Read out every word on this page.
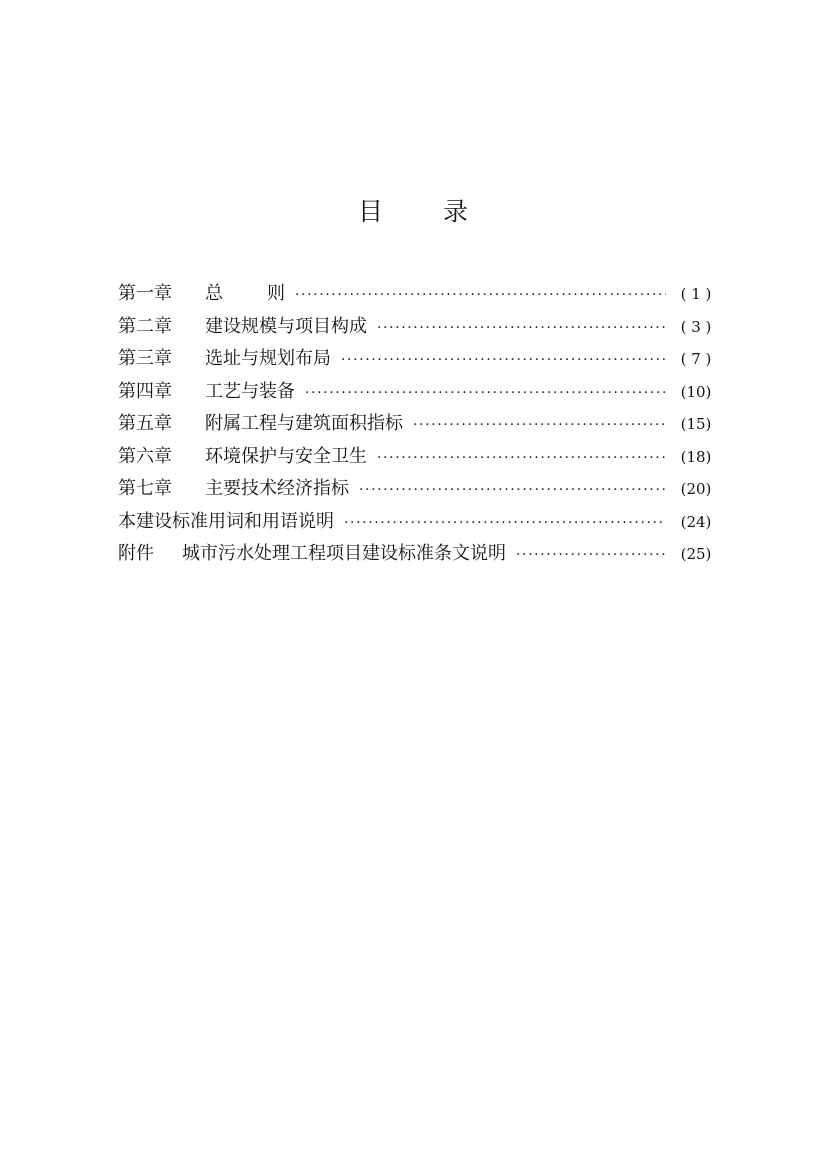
目 录
第一章	总 则 ·····	( 1 )
第二章	建设规模与项目构成 ·····	( 3 )
第三章	选址与规划布局 ·····	( 7 )
第四章	工艺与装备 ·····	(10)
第五章	附属工程与建筑面积指标 ·····	(15)
第六章	环境保护与安全卫生 ·····	(18)
第七章	主要技术经济指标 ·····	(20)
本建设标准用词和用语说明 ·····	(24)
附件	城市污水处理工程项目建设标准条文说明 ·····	(25)
